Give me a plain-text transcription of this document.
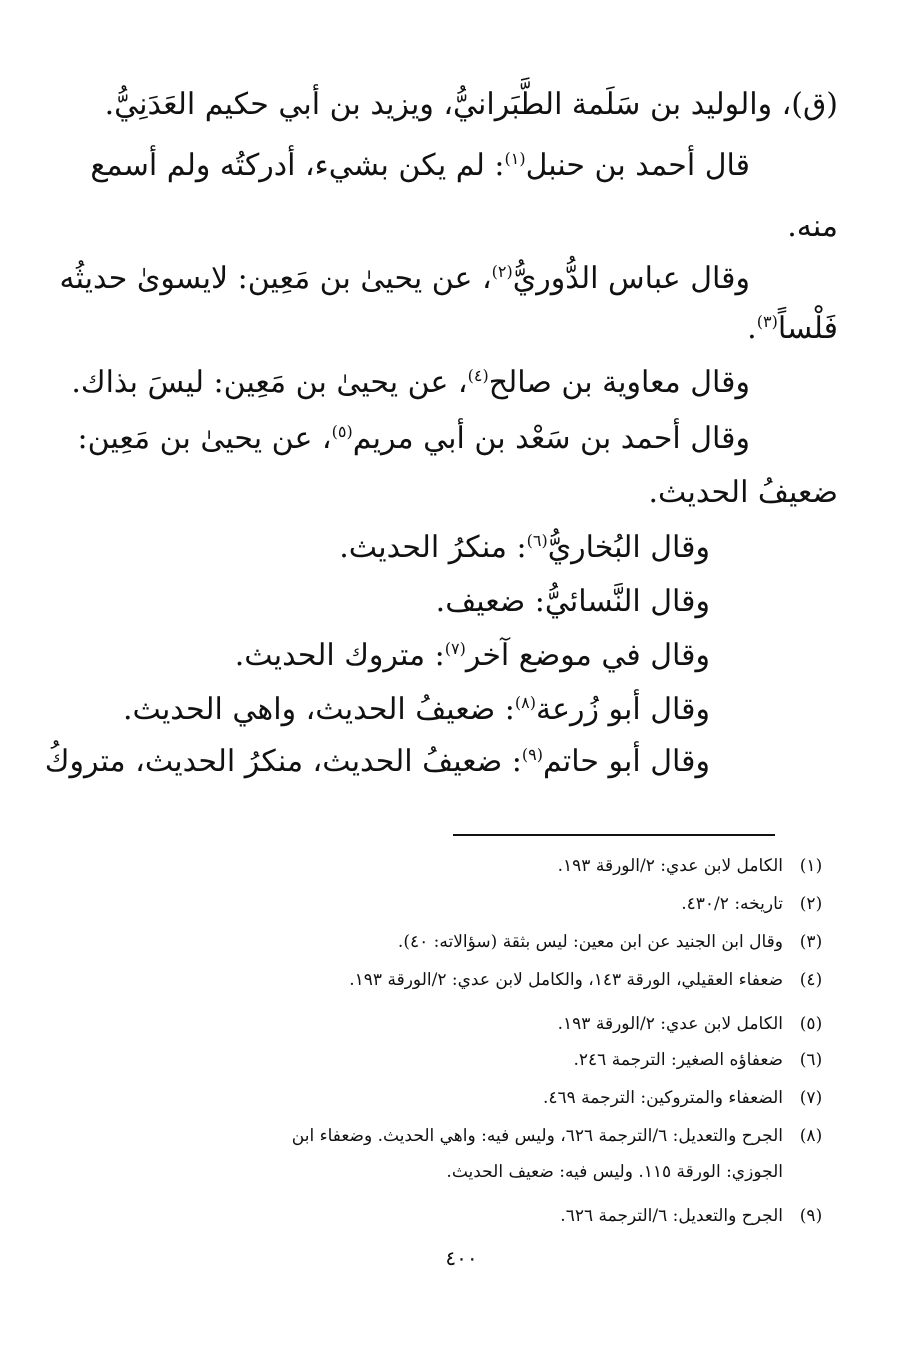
(ق)، والوليد بن سَلَمة الطَّبَرانيُّ، ويزيد بن أبي حكيم العَدَنِيُّ.
قال أحمد بن حنبل$^{(١)}$: لم يكن بشيء، أدركتُه ولم أسمع
منه.
وقال عباس الدُّوريُّ$^{(٢)}$، عن يحيىٰ بن مَعِين: لايسوىٰ حديثُه
فَلْساً$^{(٣)}$.
وقال معاوية بن صالح$^{(٤)}$، عن يحيىٰ بن مَعِين: ليسَ بذاك.
وقال أحمد بن سَعْد بن أبي مريم$^{(٥)}$، عن يحيىٰ بن مَعِين:
ضعيفُ الحديث.
وقال البُخاريُّ$^{(٦)}$: منكرُ الحديث.
وقال النَّسائيُّ: ضعيف.
وقال في موضع آخر$^{(٧)}$: متروك الحديث.
وقال أبو زُرعة$^{(٨)}$: ضعيفُ الحديث، واهي الحديث.
وقال أبو حاتم$^{(٩)}$: ضعيفُ الحديث، منكرُ الحديث، متروكُ
(١)
الكامل لابن عدي: ٢/الورقة ١٩٣.
(٢)
تاريخه: ٤٣٠/٢.
(٣)
وقال ابن الجنيد عن ابن معين: ليس بثقة (سؤالاته: ٤٠).
(٤)
ضعفاء العقيلي، الورقة ١٤٣، والكامل لابن عدي: ٢/الورقة ١٩٣.
(٥)
الكامل لابن عدي: ٢/الورقة ١٩٣.
(٦)
ضعفاؤه الصغير: الترجمة ٢٤٦.
(٧)
الضعفاء والمتروكين: الترجمة ٤٦٩.
(٨)
الجرح والتعديل: ٦/الترجمة ٦٢٦، وليس فيه: واهي الحديث. وضعفاء ابن
الجوزي: الورقة ١١٥. وليس فيه: ضعيف الحديث.
(٩)
الجرح والتعديل: ٦/الترجمة ٦٢٦.
٤٠٠
